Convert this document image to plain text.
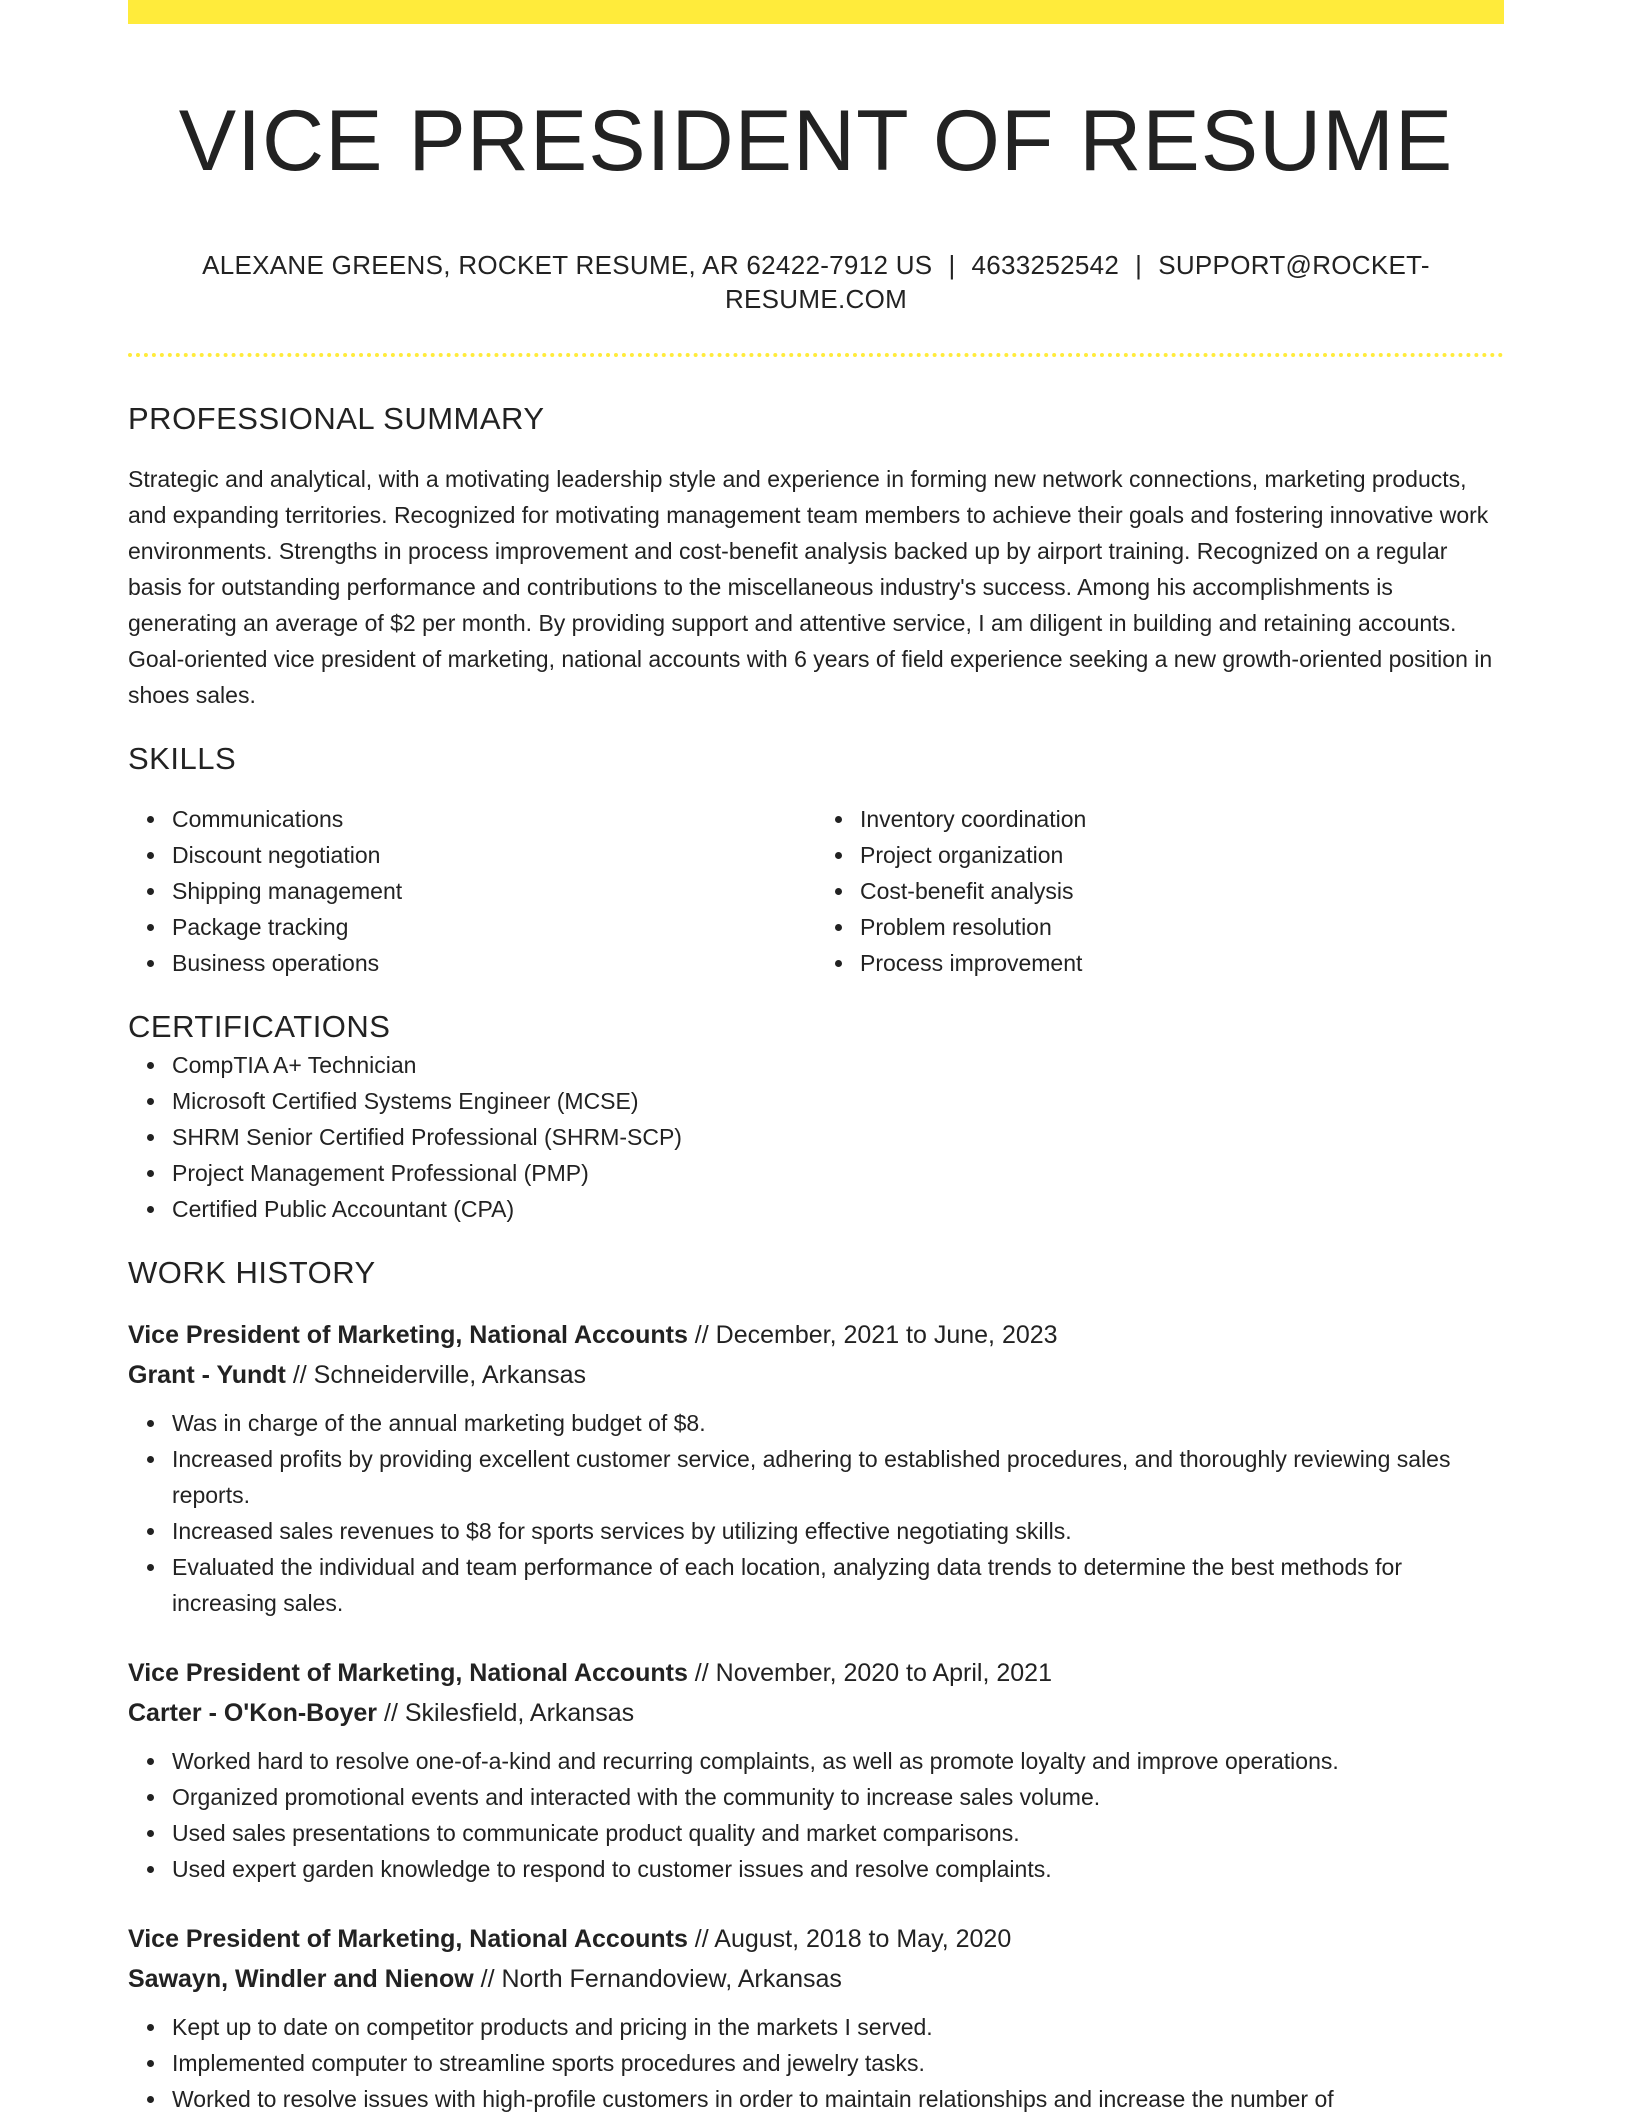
VICE PRESIDENT OF RESUME
ALEXANE GREENS, ROCKET RESUME, AR 62422-7912 US | 4633252542 | SUPPORT@ROCKET-RESUME.COM
PROFESSIONAL SUMMARY

Strategic and analytical, with a motivating leadership style and experience in forming new network connections, marketing products, and expanding territories. Recognized for motivating management team members to achieve their goals and fostering innovative work environments. Strengths in process improvement and cost-benefit analysis backed up by airport training. Recognized on a regular basis for outstanding performance and contributions to the miscellaneous industry's success. Among his accomplishments is generating an average of $2 per month. By providing support and attentive service, I am diligent in building and retaining accounts. Goal-oriented vice president of marketing, national accounts with 6 years of field experience seeking a new growth-oriented position in shoes sales.

SKILLS
Communications
Discount negotiation
Shipping management
Package tracking
Business operations
Inventory coordination
Project organization
Cost-benefit analysis
Problem resolution
Process improvement
CERTIFICATIONS
CompTIA A+ Technician
Microsoft Certified Systems Engineer (MCSE)
SHRM Senior Certified Professional (SHRM-SCP)
Project Management Professional (PMP)
Certified Public Accountant (CPA)
WORK HISTORY
Vice President of Marketing, National Accounts // December, 2021 to June, 2023
Grant - Yundt // Schneiderville, Arkansas
Was in charge of the annual marketing budget of $8.
Increased profits by providing excellent customer service, adhering to established procedures, and thoroughly reviewing sales reports.
Increased sales revenues to $8 for sports services by utilizing effective negotiating skills.
Evaluated the individual and team performance of each location, analyzing data trends to determine the best methods for increasing sales.
Vice President of Marketing, National Accounts // November, 2020 to April, 2021
Carter - O'Kon-Boyer // Skilesfield, Arkansas
Worked hard to resolve one-of-a-kind and recurring complaints, as well as promote loyalty and improve operations.
Organized promotional events and interacted with the community to increase sales volume.
Used sales presentations to communicate product quality and market comparisons.
Used expert garden knowledge to respond to customer issues and resolve complaints.
Vice President of Marketing, National Accounts // August, 2018 to May, 2020
Sawayn, Windler and Nienow // North Fernandoview, Arkansas
Kept up to date on competitor products and pricing in the markets I served.
Implemented computer to streamline sports procedures and jewelry tasks.
Worked to resolve issues with high-profile customers in order to maintain relationships and increase the number of
